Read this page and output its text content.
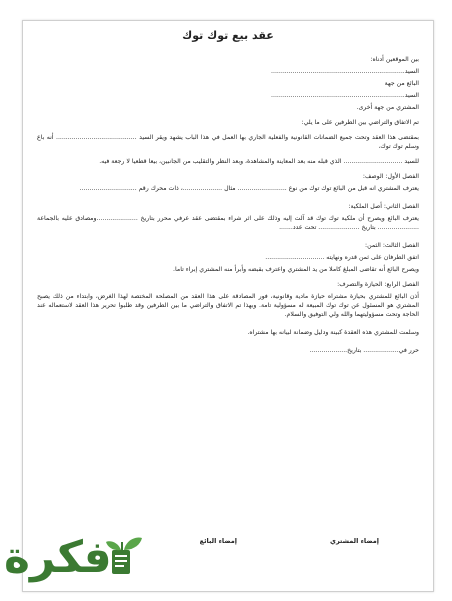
عقد بيع توك توك

بين الموقعين أدناه:

السيد....................................................................

البائع من جهة

السيد....................................................................

المشتري من جهة أخرى.

تم الاتفاق والتراضي بين الطرفين على ما يلي:

بمقتضى هذا العقد وتحت جميع الضمانات القانونية والفعلية الجاري بها العمل في هذا الباب يشهد ويقر السيد ......................................... أنه باع وسلم توك توك،

للسيد .............................. الذي قبله منه بعد المعاينة والمشاهدة، وبعد النظر والتقليب من الجانبين، بيعا قطعيا لا رجعة فيه.

الفصل الأول: الوصف:

يعترف المشتري انه قبل من البائع توك توك من نوع ......................... مثال ....................، ذات محرك رقم .............................

الفصل الثاني: أصل الملكية:

يعترف البائع ويصرح أن ملكية توك توك قد آلت إليه وذلك على اثر شراء بمقتضى عقد عرفي محرر بتاريخ .....................ومصادق عليه بالجماعة ..................... بتاريخ ..................... تحت عدد.......

الفصل الثالث: الثمن:

اتفق الطرفان على ثمن قدره ونهايته ..............................

ويصرح البائع أنه تقاضى المبلغ كاملا من يد المشتري واعترف بقبضه وأبرأ منه المشتري إبراء تاما.

الفصل الرابع: الحيازة والتصرف:

أذن البائع للمشتري بحيازة مشتراه حيازة مادية وقانونية، فور المصادقة على هذا العقد من المصلحة المختصة لهذا الغرض، وابتداء من ذلك يصبح المشتري هو المسئول عن توك توك المبيعة له مسؤولية تامة. وبهذا تم الاتفاق والتراضي ما بين الطرفين وقد طلبوا تحرير هذا العقد لاستعماله عند الحاجة وتحت مسؤوليتهما والله ولي التوفيق والسلام.

وسلمت للمشتري هذه العقدة كبينة ودليل وضمانة لبيانه بها مشتراه.

حرر في.................. بتاريخ...................

إمضاء المشتري
إمضاء البائع
فكرة
